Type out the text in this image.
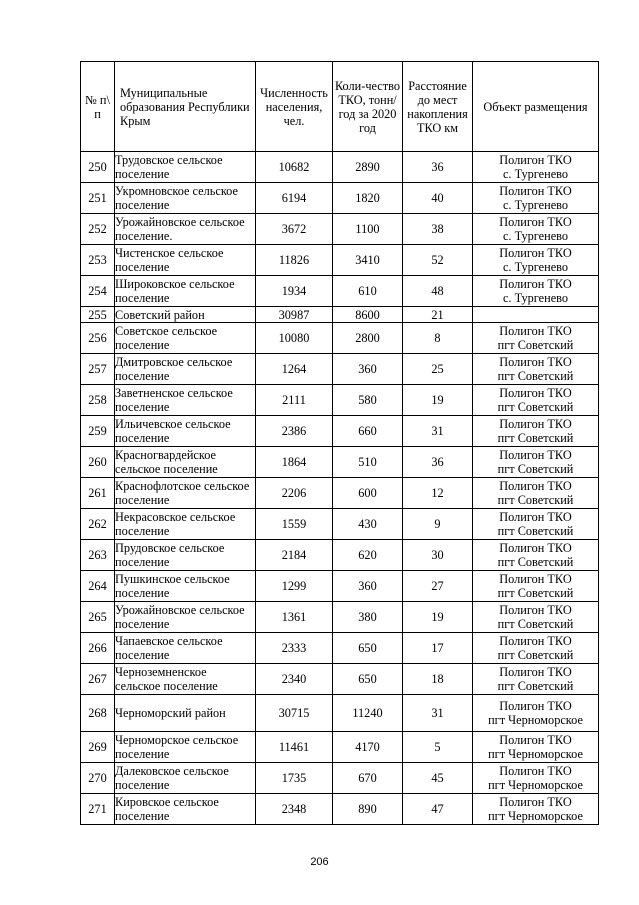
№ п\ п	Муниципальные образования Республики Крым	Численность населения, чел.	Коли-чество ТКО, тонн/год за 2020 год	Расстояние до мест накопления ТКО км	Объект размещения
250	Трудовское сельское поселение	10682	2890	36	Полигон ТКО
с. Тургенево

251	Укромновское сельское поселение	6194	1820	40	Полигон ТКО
с. Тургенево

252	Урожайновское сельское поселение.	3672	1100	38	Полигон ТКО
с. Тургенево

253	Чистенское сельское поселение	11826	3410	52	Полигон ТКО
с. Тургенево

254	Широковское сельское поселение	1934	610	48	Полигон ТКО
с. Тургенево

255	Советский район	30987	8600	21	

256	Советское сельское поселение	10080	2800	8	Полигон ТКО
пгт Советский

257	Дмитровское сельское поселение	1264	360	25	Полигон ТКО
пгт Советский

258	Заветненское сельское поселение	2111	580	19	Полигон ТКО
пгт Советский

259	Ильичевское сельское поселение	2386	660	31	Полигон ТКО
пгт Советский

260	Красногвардейское сельское поселение	1864	510	36	Полигон ТКО
пгт Советский

261	Краснофлотское сельское поселение	2206	600	12	Полигон ТКО
пгт Советский

262	Некрасовское сельское поселение	1559	430	9	Полигон ТКО
пгт Советский

263	Прудовское сельское поселение	2184	620	30	Полигон ТКО
пгт Советский

264	Пушкинское сельское поселение	1299	360	27	Полигон ТКО
пгт Советский

265	Урожайновское сельское поселение	1361	380	19	Полигон ТКО
пгт Советский

266	Чапаевское сельское поселение	2333	650	17	Полигон ТКО
пгт Советский

267	Черноземненское сельское поселение	2340	650	18	Полигон ТКО
пгт Советский

268	Черноморский район	30715	11240	31	Полигон ТКО
пгт Черноморское

269	Черноморское сельское поселение	11461	4170	5	Полигон ТКО
пгт Черноморское

270	Далековское сельское поселение	1735	670	45	Полигон ТКО
пгт Черноморское

271	Кировское сельское поселение	2348	890	47	Полигон ТКО
пгт Черноморское
206
